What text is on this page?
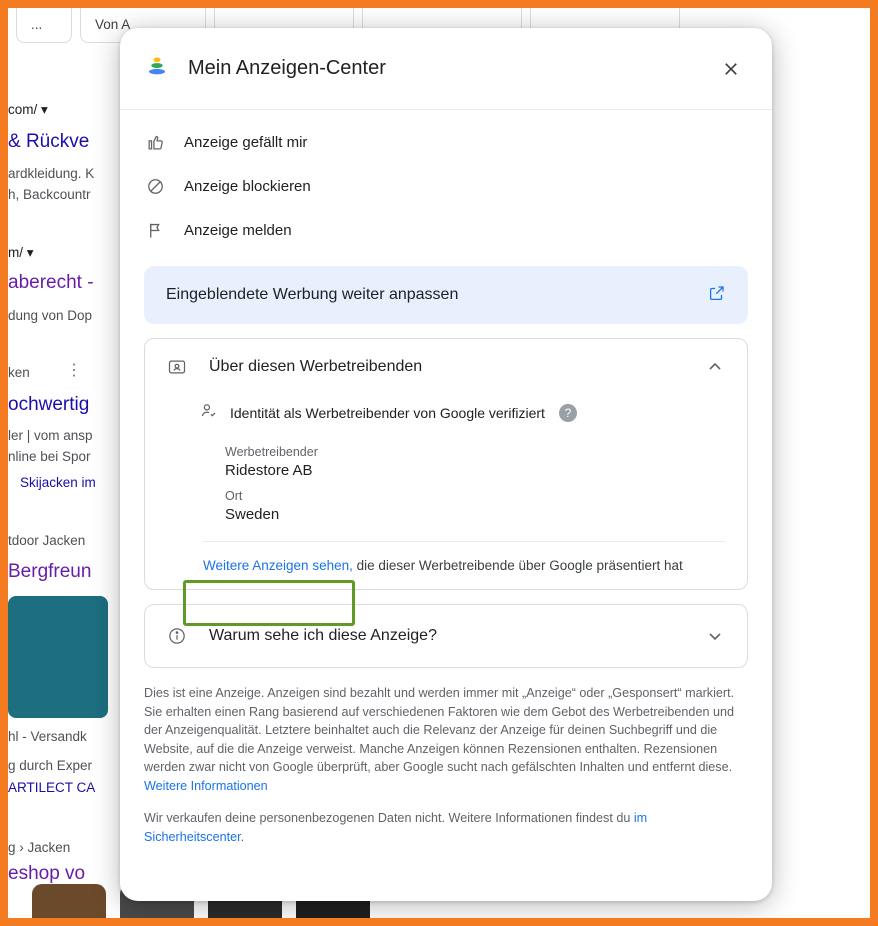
...	Von A
com/ ▾
& Rückve
ardkleidung. K
h, Backcountr
m/ ▾
aberecht -
dung von Dop
ken ⋮
ochwertig
ler | vom ansp
nline bei Spor
Skijacken im
tdoor Jacken
Bergfreun
hl - Versandk
g durch Exper
ARTILECT CA
g › Jacken
eshop vo
Mein Anzeigen-Center
Anzeige gefällt mir
Anzeige blockieren
Anzeige melden
Eingeblendete Werbung weiter anpassen
Über diesen Werbetreibenden
Identität als Werbetreibender von Google verifiziert	?
Werbetreibender
Ridestore AB
Ort
Sweden
Weitere Anzeigen sehen, die dieser Werbetreibende über Google präsentiert hat
Warum sehe ich diese Anzeige?

Dies ist eine Anzeige. Anzeigen sind bezahlt und werden immer mit „Anzeige“ oder „Gesponsert“ markiert. Sie erhalten einen Rang basierend auf verschiedenen Faktoren wie dem Gebot des Werbetreibenden und der Anzeigenqualität. Letztere beinhaltet auch die Relevanz der Anzeige für deinen Suchbegriff und die Website, auf die die Anzeige verweist. Manche Anzeigen können Rezensionen enthalten. Rezensionen werden zwar nicht von Google überprüft, aber Google sucht nach gefälschten Inhalten und entfernt diese. Weitere Informationen

Wir verkaufen deine personenbezogenen Daten nicht. Weitere Informationen findest du im Sicherheitscenter.
